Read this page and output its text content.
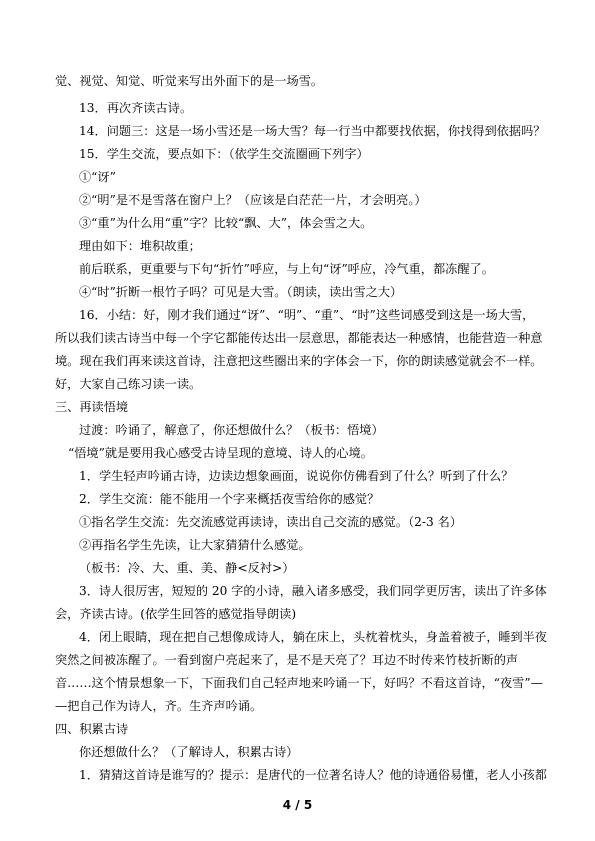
觉、视觉、知觉、听觉来写出外面下的是一场雪。
13．再次齐读古诗。
14．问题三：这是一场小雪还是一场大雪？每一行当中都要找依据，你找得到依据吗？
15．学生交流，要点如下：（依学生交流圈画下列字）
①“讶”
②“明”是不是雪落在窗户上？（应该是白茫茫一片，才会明亮。）
③“重”为什么用“重”字？比较“飘、大”，体会雪之大。
理由如下：堆积故重；
前后联系，更重要与下句“折竹”呼应，与上句“讶”呼应，冷气重，都冻醒了。
④“时”折断一根竹子吗？可见是大雪。（朗读，读出雪之大）
16．小结：好，刚才我们通过“讶”、“明”、“重”、“时”这些词感受到这是一场大雪，
所以我们读古诗当中每一个字它都能传达出一层意思，都能表达一种感情，也能营造一种意
境。现在我们再来读这首诗，注意把这些圈出来的字体会一下，你的朗读感觉就会不一样。
好，大家自己练习读一读。
三、再读悟境
过渡：吟诵了，解意了，你还想做什么？（板书：悟境）
“悟境”就是要用我心感受古诗呈现的意境、诗人的心境。
1．学生轻声吟诵古诗，边读边想象画面，说说你仿佛看到了什么？听到了什么？
2．学生交流：能不能用一个字来概括夜雪给你的感觉？
①指名学生交流：先交流感觉再读诗，读出自己交流的感觉。（2-3 名）
②再指名学生先读，让大家猜猜什么感觉。
（板书：冷、大、重、美、静<反衬>）
3．诗人很厉害，短短的 20 字的小诗，融入诸多感受，我们同学更厉害，读出了许多体
会，齐读古诗。(依学生回答的感觉指导朗读)
4．闭上眼睛，现在把自己想像成诗人，躺在床上，头枕着枕头，身盖着被子，睡到半夜
突然之间被冻醒了。一看到窗户亮起来了，是不是天亮了？耳边不时传来竹枝折断的声
音……这个情景想象一下，下面我们自己轻声地来吟诵一下，好吗？不看这首诗，“夜雪”—
—把自己作为诗人，齐。生齐声吟诵。
四、积累古诗
你还想做什么？（了解诗人，积累古诗）
1．猜猜这首诗是谁写的？提示：是唐代的一位著名诗人？他的诗通俗易懂，老人小孩都
4 / 5
